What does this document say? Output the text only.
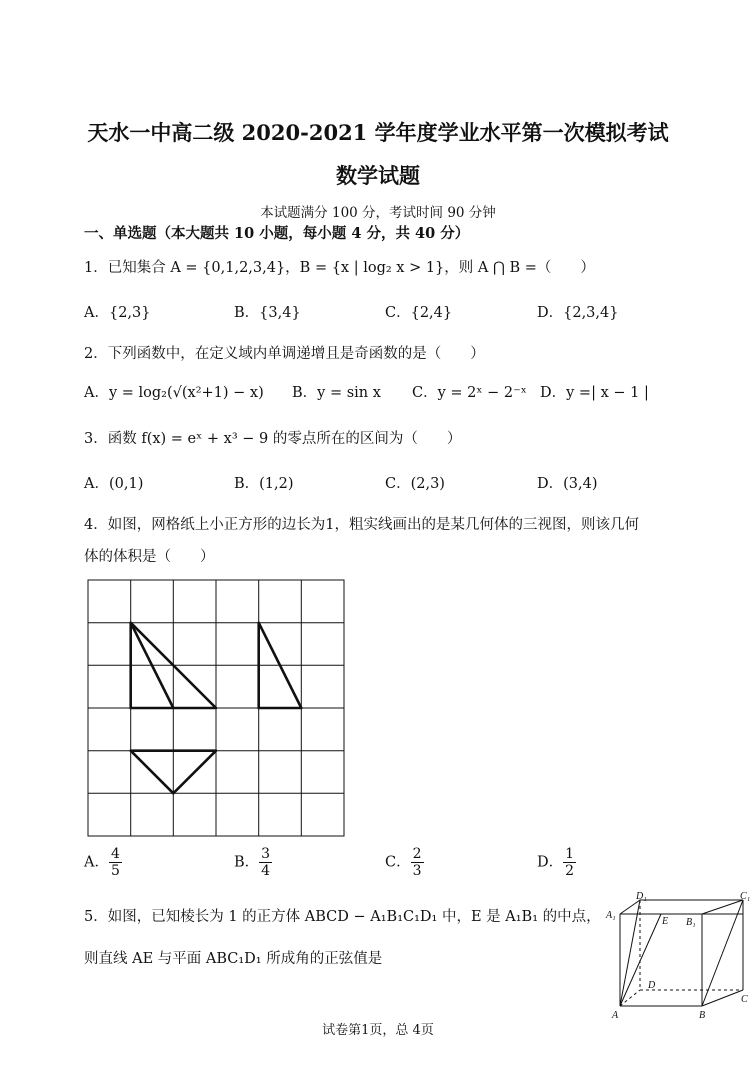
天水一中高二级 2020-2021 学年度学业水平第一次模拟考试
数学试题
本试题满分 100 分，考试时间 90 分钟
一、单选题（本大题共 10 小题，每小题 4 分，共 40 分）
1．已知集合 A = {0,1,2,3,4}，B = {x | log₂ x > 1}，则 A ⋂ B =（　　）
A．{2,3}	B．{3,4}	C．{2,4}	D．{2,3,4}
2．下列函数中，在定义域内单调递增且是奇函数的是（　　）
A．y = log₂(√(x²+1) − x) B．y = sin x C．y = 2ˣ − 2⁻ˣ D．y =| x − 1 |
3．函数 f(x) = eˣ + x³ − 9 的零点所在的区间为（　　）
A．(0,1)	B．(1,2)	C．(2,3)	D．(3,4)
4．如图，网格纸上小正方形的边长为1，粗实线画出的是某几何体的三视图，则该几何
体的体积是（　　）
A． $\frac{4}{5}$	B． $\frac{3}{4}$	C． $\frac{2}{3}$	D． $\frac{1}{2}$
5．如图，已知棱长为 1 的正方体 ABCD − A₁B₁C₁D₁ 中，E 是 A₁B₁ 的中点，
则直线 AE 与平面 ABC₁D₁ 所成角的正弦值是
A₁
D₁
E B₁
C₁
D
C
A	B
试卷第1页，总 4页
